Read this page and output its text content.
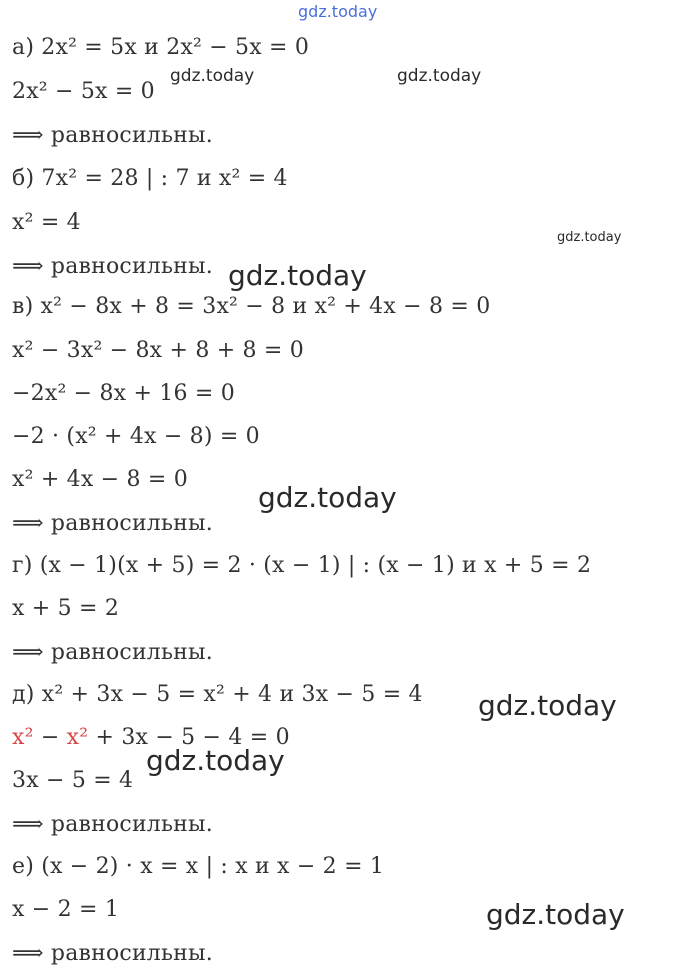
а) 2x² = 5x и 2x² − 5x = 0
2x² − 5x = 0
⟹ равносильны.
б) 7x² = 28 | : 7 и x² = 4
x² = 4
⟹ равносильны.
в) x² − 8x + 8 = 3x² − 8 и x² + 4x − 8 = 0
x² − 3x² − 8x + 8 + 8 = 0
−2x² − 8x + 16 = 0
−2 · (x² + 4x − 8) = 0
x² + 4x − 8 = 0
⟹ равносильны.
г) (x − 1)(x + 5) = 2 · (x − 1) | : (x − 1) и x + 5 = 2
x + 5 = 2
⟹ равносильны.
д) x² + 3x − 5 = x² + 4 и 3x − 5 = 4
x² − x² + 3x − 5 − 4 = 0
3x − 5 = 4
⟹ равносильны.
е) (x − 2) · x = x | : x и x − 2 = 1
x − 2 = 1
⟹ равносильны.
gdz.today
gdz.today	gdz.today
gdz.today
gdz.today
gdz.today
gdz.today
gdz.today
gdz.today
